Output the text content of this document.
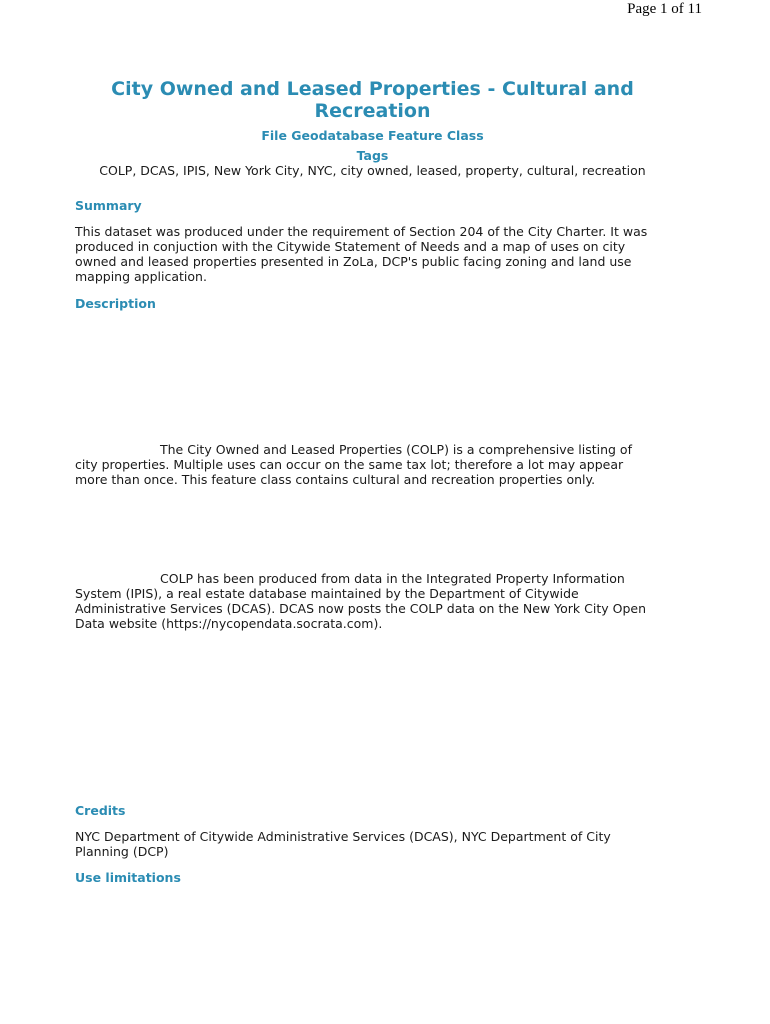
Page 1 of 11
City Owned and Leased Properties - Cultural and Recreation
File Geodatabase Feature Class
Tags
COLP, DCAS, IPIS, New York City, NYC, city owned, leased, property, cultural, recreation
Summary
This dataset was produced under the requirement of Section 204 of the City Charter. It was produced in conjuction with the Citywide Statement of Needs and a map of uses on city owned and leased properties presented in ZoLa, DCP's public facing zoning and land use mapping application.
Description
The City Owned and Leased Properties (COLP) is a comprehensive listing of city properties. Multiple uses can occur on the same tax lot; therefore a lot may appear more than once. This feature class contains cultural and recreation properties only.
COLP has been produced from data in the Integrated Property Information System (IPIS), a real estate database maintained by the Department of Citywide Administrative Services (DCAS). DCAS now posts the COLP data on the New York City Open Data website (https://nycopendata.socrata.com).
Credits
NYC Department of Citywide Administrative Services (DCAS), NYC Department of City Planning (DCP)
Use limitations
